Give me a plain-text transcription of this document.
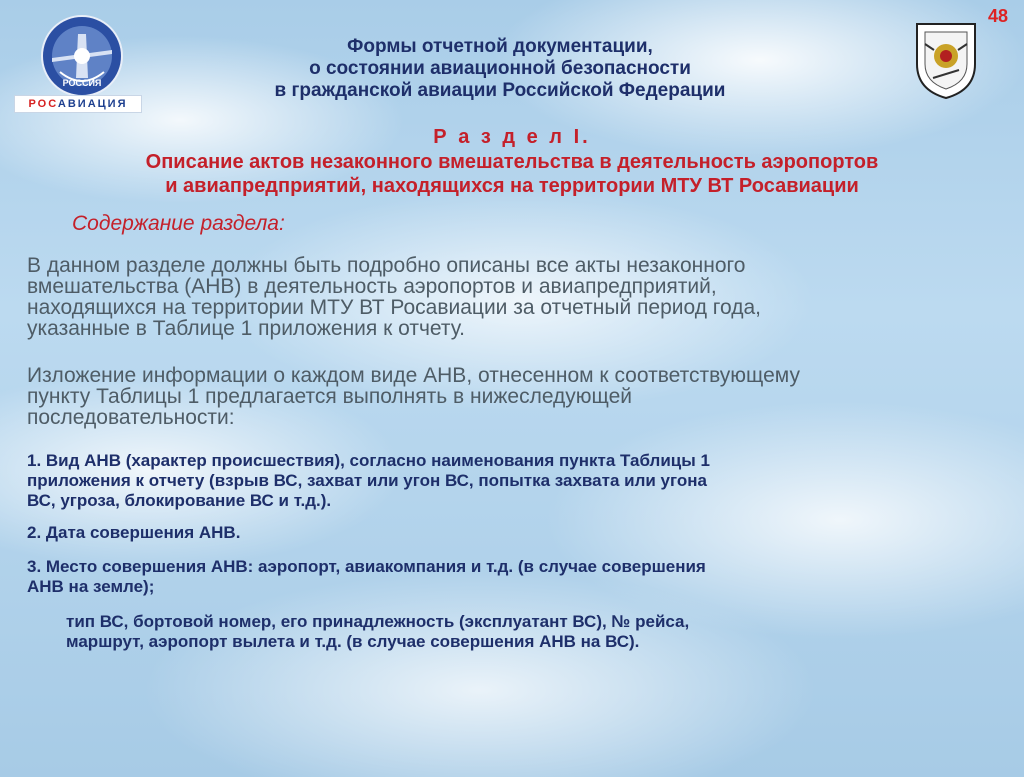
РОССИЯ
РОСАВИАЦИЯ
48
Формы отчетной документации,
о состоянии авиационной безопасности
в гражданской авиации Российской Федерации
Р а з д е л I.
Описание актов незаконного вмешательства в деятельность аэропортов
и авиапредприятий, находящихся на территории МТУ ВТ Росавиации
Содержание раздела:
В данном разделе должны быть подробно описаны все акты незаконного
вмешательства (АНВ) в деятельность аэропортов и авиапредприятий,
находящихся на территории МТУ ВТ Росавиации за отчетный период года,
указанные в Таблице 1 приложения к отчету.
Изложение информации о каждом виде АНВ, отнесенном к соответствующему
пункту Таблицы 1 предлагается выполнять в нижеследующей
последовательности:
1. Вид АНВ (характер происшествия), согласно наименования пункта Таблицы 1
приложения к отчету (взрыв ВС, захват или угон ВС, попытка захвата или угона
ВС, угроза, блокирование ВС и т.д.).
2. Дата совершения АНВ.
3. Место совершения АНВ: аэропорт, авиакомпания и т.д. (в случае совершения
АНВ на земле);
тип ВС, бортовой номер, его принадлежность (эксплуатант ВС), № рейса,
маршрут, аэропорт вылета и т.д. (в случае совершения АНВ на ВС).
